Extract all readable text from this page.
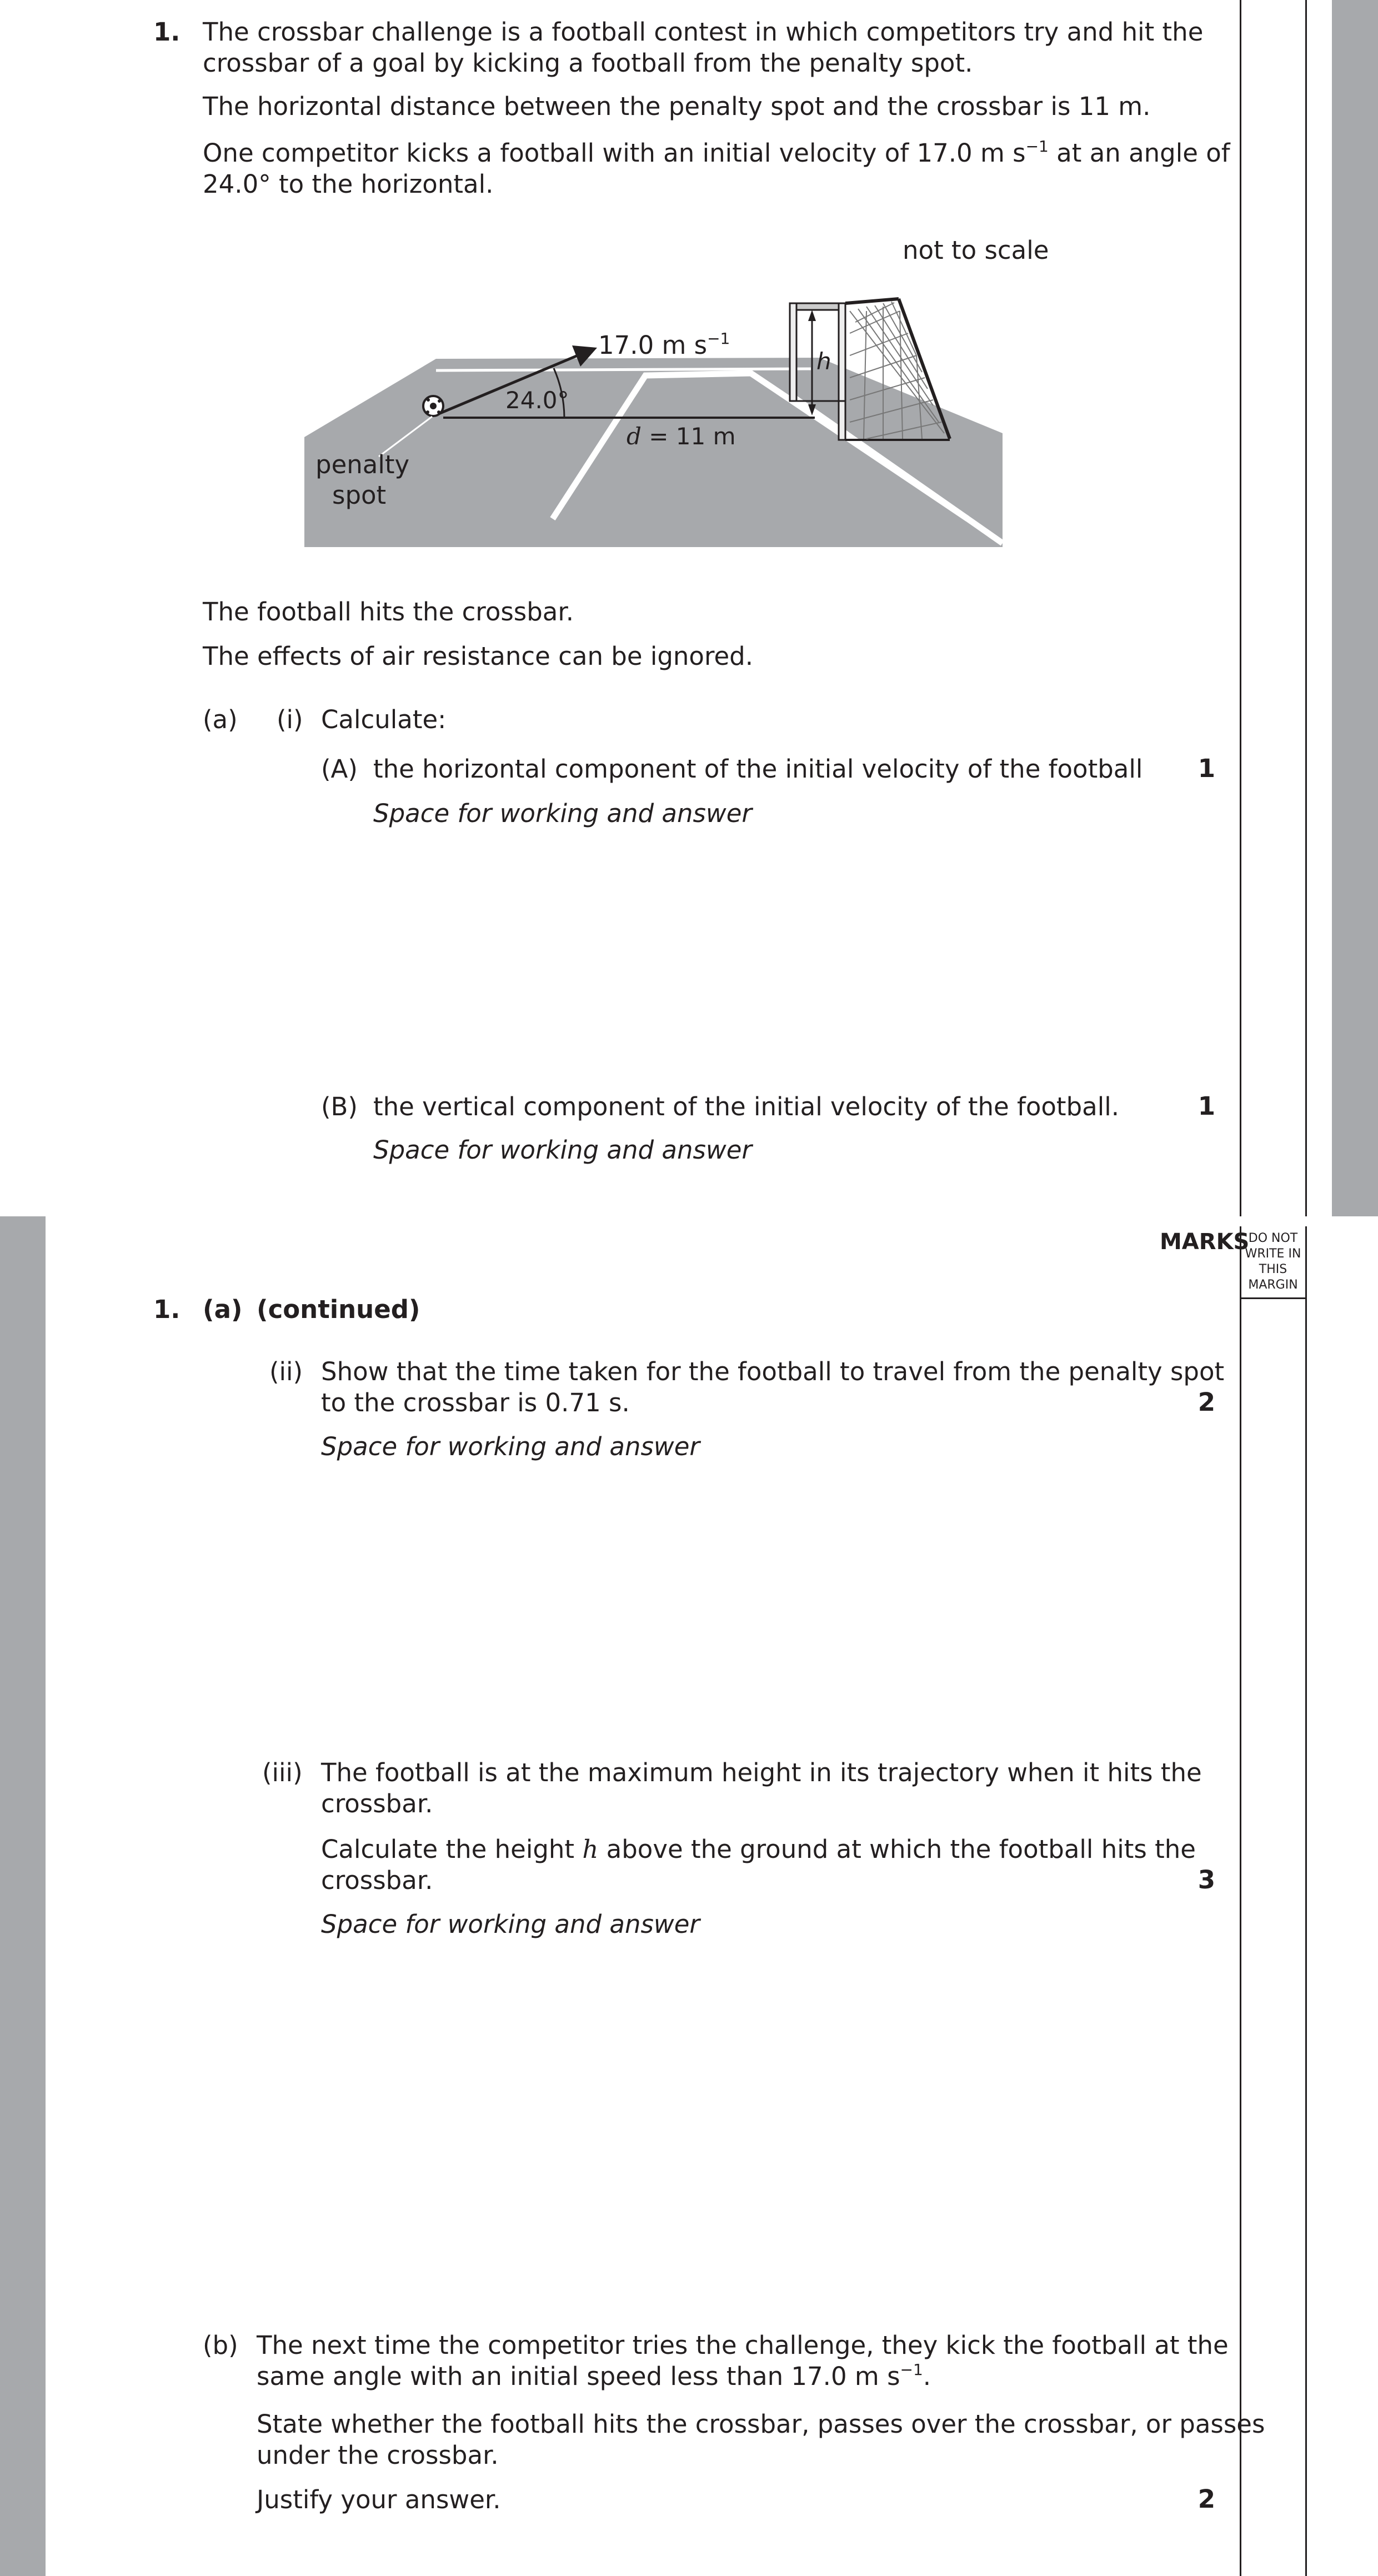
1. The crossbar challenge is a football contest in which competitors try and hit the
crossbar of a goal by kicking a football from the penalty spot.
The horizontal distance between the penalty spot and the crossbar is 11 m.
One competitor kicks a football with an initial velocity of 17.0 m $s^{-1}$ at an angle of
24.0° to the horizontal.
not to scale
h
17.0 m $s^{-1}$
24.0°
d = 11 m
penalty
spot
The football hits the crossbar.
The effects of air resistance can be ignored.
(a) (i) Calculate:
(A) the horizontal component of the initial velocity of the football	1
Space for working and answer
(B) the vertical component of the initial velocity of the football.	1
Space for working and answer
MARKS
DO NOT
WRITE IN
THIS
MARGIN
1. (a) (continued)
(ii) Show that the time taken for the football to travel from the penalty spot
to the crossbar is 0.71 s.	2
Space for working and answer
(iii) The football is at the maximum height in its trajectory when it hits the
crossbar.
Calculate the height h above the ground at which the football hits the
crossbar.	3
Space for working and answer
(b) The next time the competitor tries the challenge, they kick the football at the
same angle with an initial speed less than 17.0 m $s^{-1}$.
State whether the football hits the crossbar, passes over the crossbar, or passes
under the crossbar.
Justify your answer.	2
